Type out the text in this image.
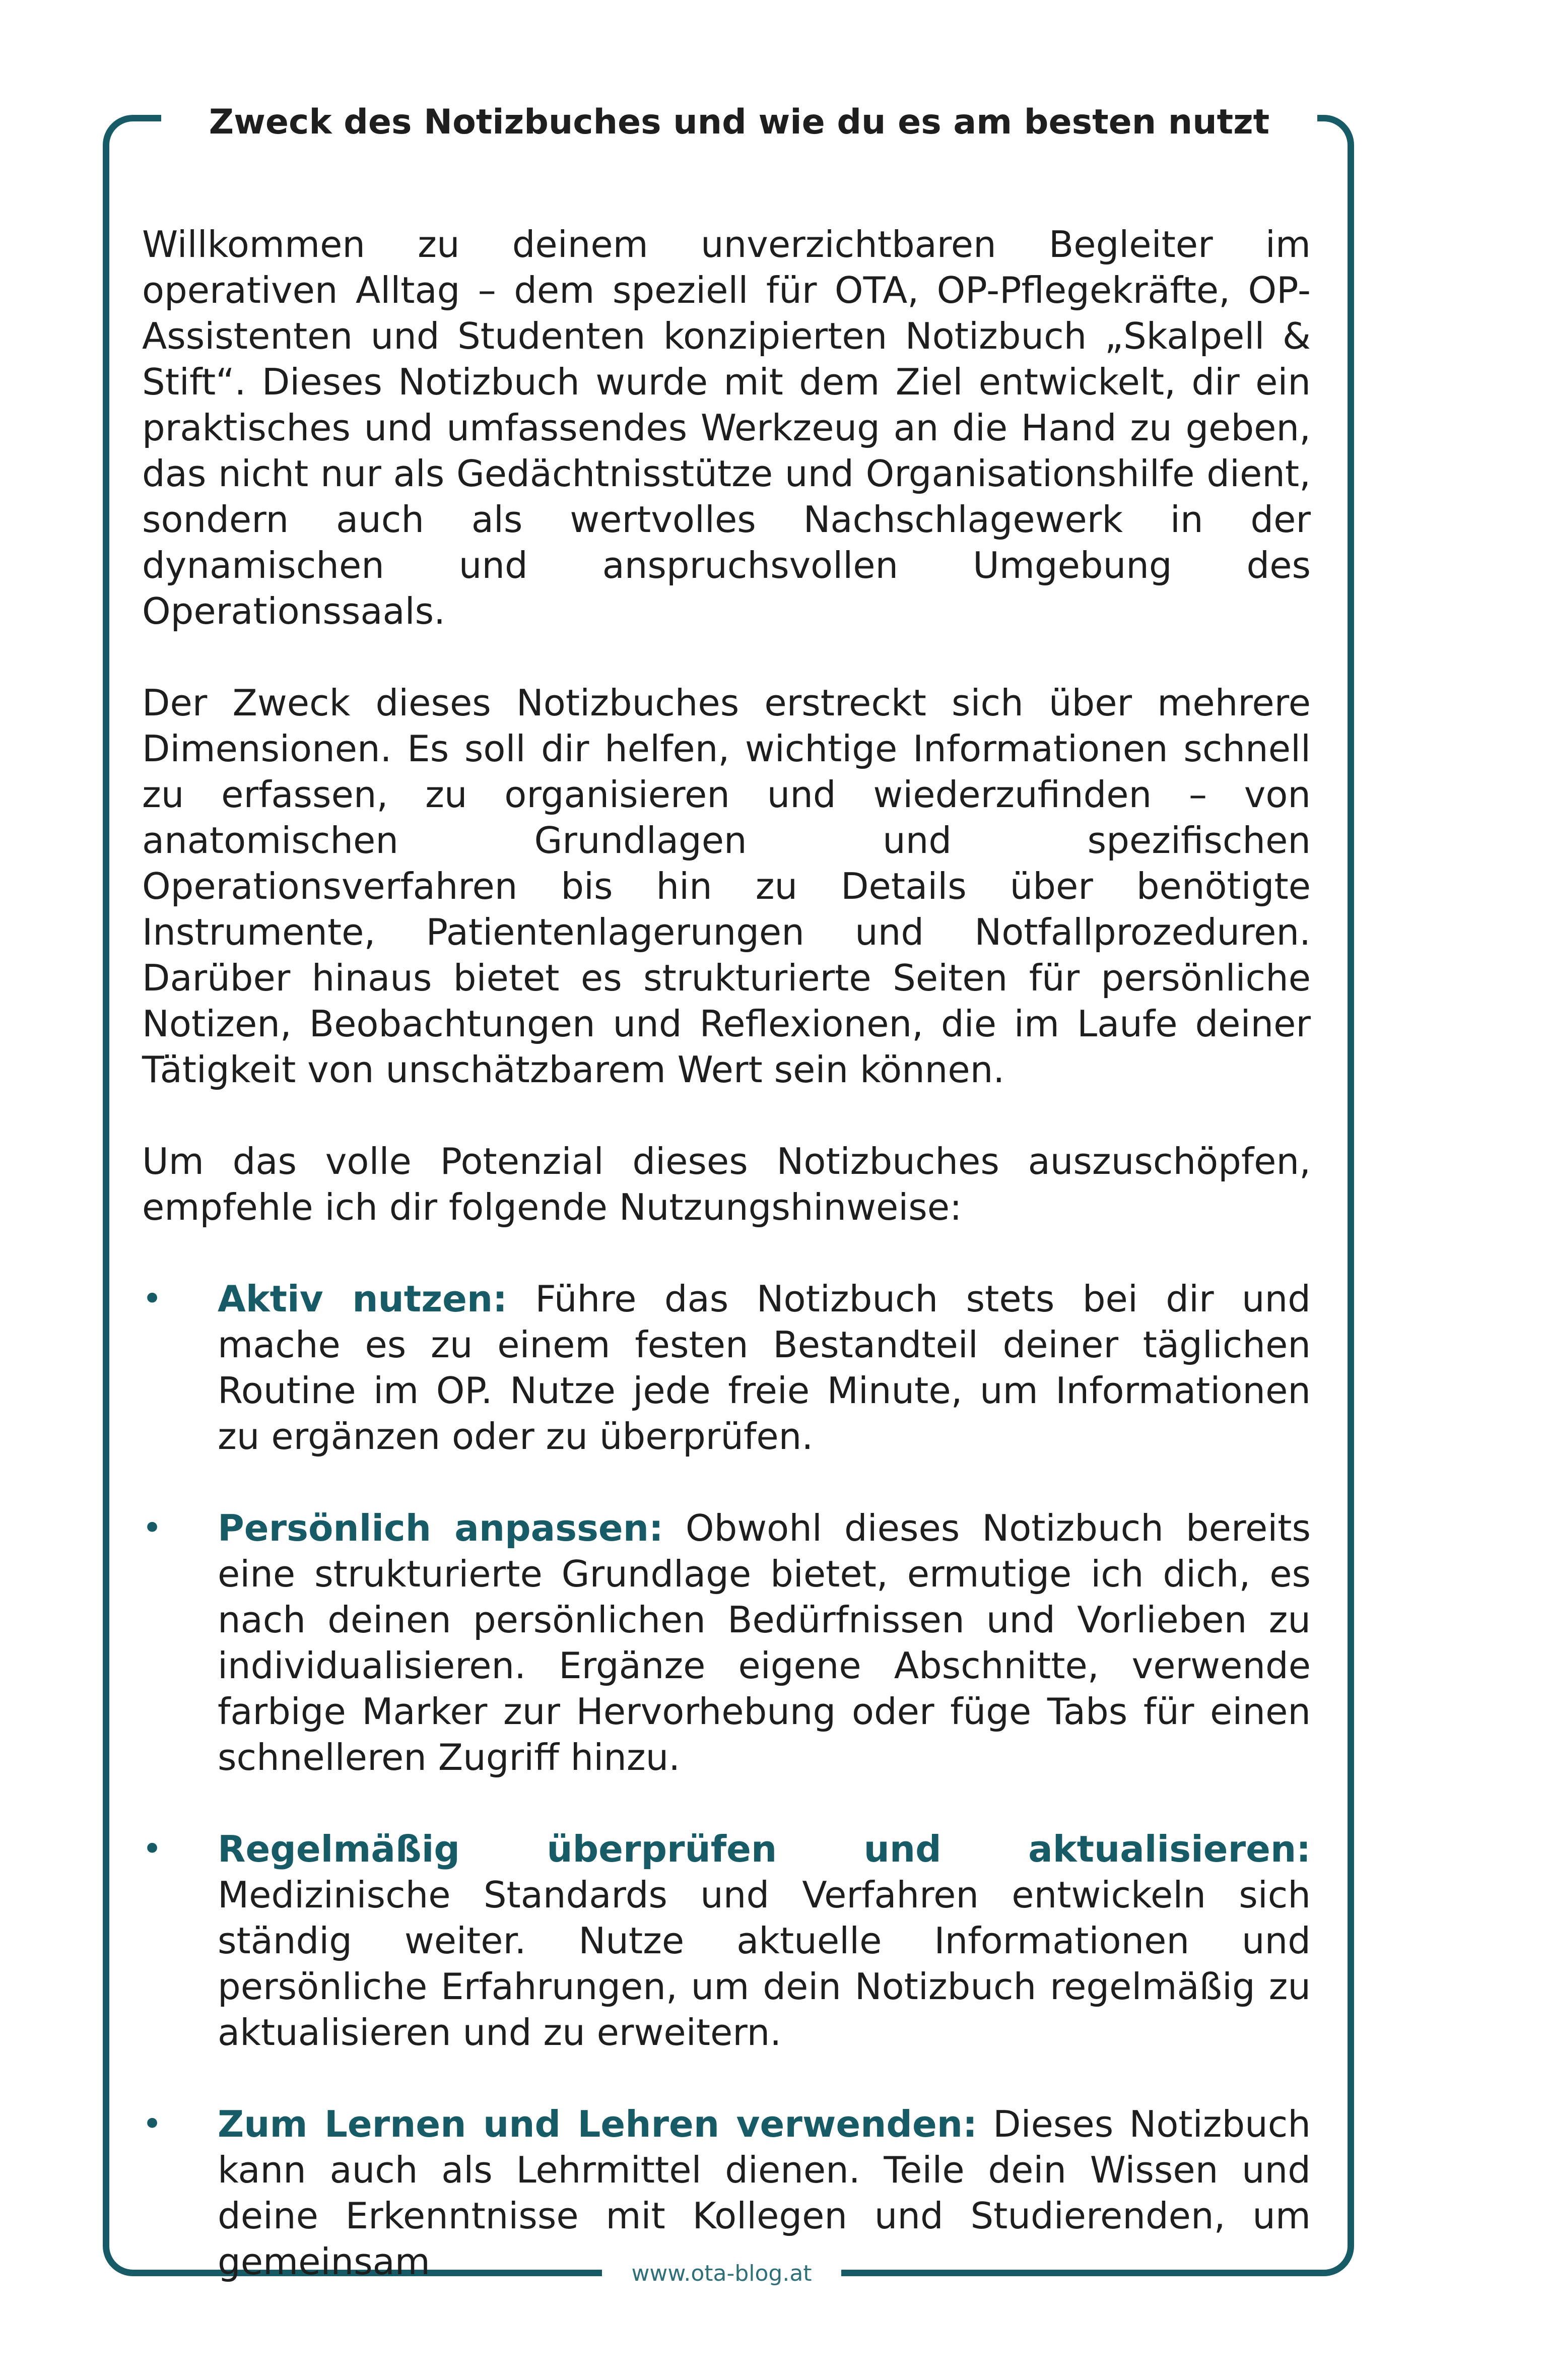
Zweck des Notizbuches und wie du es am besten nutzt

Willkommen zu deinem unverzichtbaren Begleiter im operativen Alltag – dem speziell für OTA, OP-Pflegekräfte, OP-Assistenten und Studenten konzipierten Notizbuch „Skalpell & Stift“. Dieses Notizbuch wurde mit dem Ziel entwickelt, dir ein praktisches und umfassendes Werkzeug an die Hand zu geben, das nicht nur als Gedächtnisstütze und Organisationshilfe dient, sondern auch als wertvolles Nachschlagewerk in der dynamischen und anspruchsvollen Umgebung des Operationssaals.

Der Zweck dieses Notizbuches erstreckt sich über mehrere Dimensionen. Es soll dir helfen, wichtige Informationen schnell zu erfassen, zu organisieren und wiederzufinden – von anatomischen Grundlagen und spezifischen Operationsverfahren bis hin zu Details über benötigte Instrumente, Patientenlagerungen und Notfallprozeduren. Darüber hinaus bietet es strukturierte Seiten für persönliche Notizen, Beobachtungen und Reflexionen, die im Laufe deiner Tätigkeit von unschätzbarem Wert sein können.

Um das volle Potenzial dieses Notizbuches auszuschöpfen, empfehle ich dir folgende Nutzungshinweise:

• Aktiv nutzen: Führe das Notizbuch stets bei dir und mache es zu einem festen Bestandteil deiner täglichen Routine im OP. Nutze jede freie Minute, um Informationen zu ergänzen oder zu überprüfen.
• Persönlich anpassen: Obwohl dieses Notizbuch bereits eine strukturierte Grundlage bietet, ermutige ich dich, es nach deinen persönlichen Bedürfnissen und Vorlieben zu individualisieren. Ergänze eigene Abschnitte, verwende farbige Marker zur Hervorhebung oder füge Tabs für einen schnelleren Zugriff hinzu.
• Regelmäßig überprüfen und aktualisieren: Medizinische Standards und Verfahren entwickeln sich ständig weiter. Nutze aktuelle Informationen und persönliche Erfahrungen, um dein Notizbuch regelmäßig zu aktualisieren und zu erweitern.
• Zum Lernen und Lehren verwenden: Dieses Notizbuch kann auch als Lehrmittel dienen. Teile dein Wissen und deine Erkenntnisse mit Kollegen und Studierenden, um gemeinsam	www.ota-blog.at
